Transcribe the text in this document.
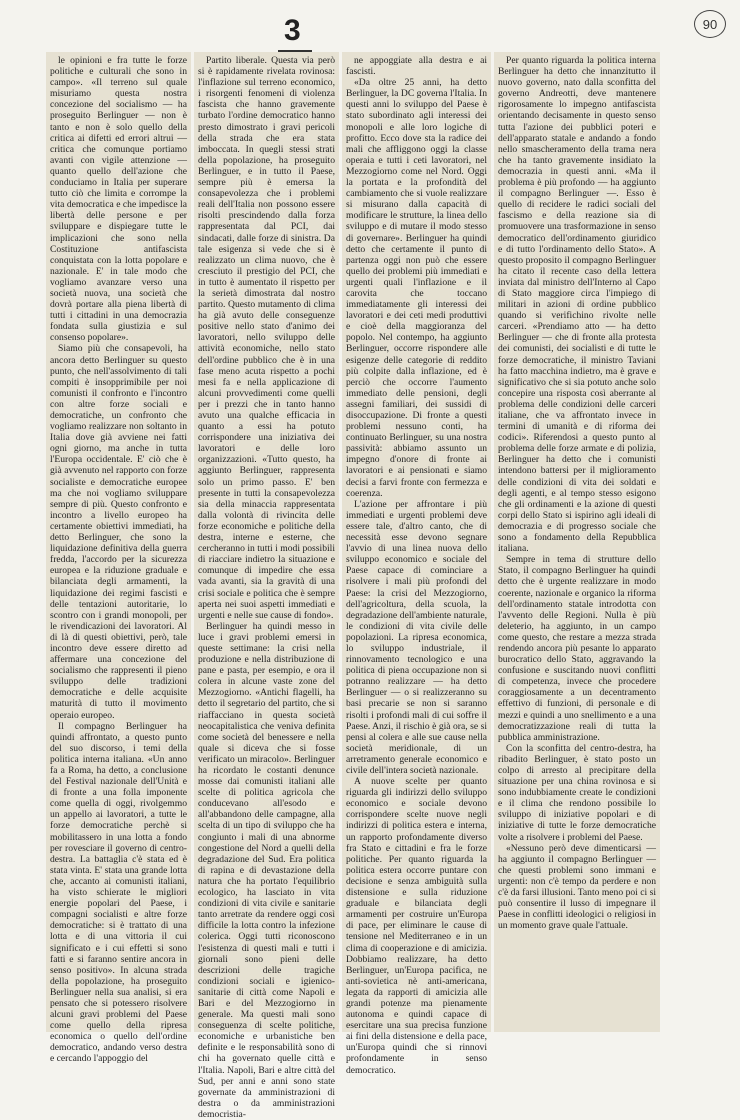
3	90

le opinioni e fra tutte le forze politiche e culturali che sono in campo». «Il terreno sul quale misuriamo questa nostra concezione del socialismo — ha proseguito Berlinguer — non è tanto e non è solo quello della critica ai difetti ed errori altrui — critica che comunque portiamo avanti con vigile attenzione — quanto quello dell'azione che conduciamo in Italia per superare tutto ciò che limita e corrompe la vita democratica e che impedisce la libertà delle persone e per sviluppare e dispiegare tutte le implicazioni che sono nella Costituzione antifascista conquistata con la lotta popolare e nazionale. E' in tale modo che vogliamo avanzare verso una società nuova, una società che dovrà portare alla piena libertà di tutti i cittadini in una democrazia fondata sulla giustizia e sul consenso popolare».

Siamo più che consapevoli, ha ancora detto Berlinguer su questo punto, che nell'assolvimento di tali compiti è insopprimibile per noi comunisti il confronto e l'incontro con altre forze sociali e democratiche, un confronto che vogliamo realizzare non soltanto in Italia dove già avviene nei fatti ogni giorno, ma anche in tutta l'Europa occidentale. E' ciò che è già avvenuto nel rapporto con forze socialiste e democratiche europee ma che noi vogliamo sviluppare sempre di più. Questo confronto e incontro a livello europeo ha certamente obiettivi immediati, ha detto Berlinguer, che sono la liquidazione definitiva della guerra fredda, l'accordo per la sicurezza europea e la riduzione graduale e bilanciata degli armamenti, la liquidazione dei regimi fascisti e delle tentazioni autoritarie, lo scontro con i grandi monopoli, per le rivendicazioni dei lavoratori. Al di là di questi obiettivi, però, tale incontro deve essere diretto ad affermare una concezione del socialismo che rappresenti il pieno sviluppo delle tradizioni democratiche e delle acquisite maturità di tutto il movimento operaio europeo.

Il compagno Berlinguer ha quindi affrontato, a questo punto del suo discorso, i temi della politica interna italiana. «Un anno fa a Roma, ha detto, a conclusione del Festival nazionale dell'Unità e di fronte a una folla imponente come quella di oggi, rivolgemmo un appello ai lavoratori, a tutte le forze democratiche perchè si mobilitassero in una lotta a fondo per rovesciare il governo di centro-destra. La battaglia c'è stata ed è stata vinta. E' stata una grande lotta che, accanto ai comunisti italiani, ha visto schierate le migliori energie popolari del Paese, i compagni socialisti e altre forze democratiche: si è trattato di una lotta e di una vittoria il cui significato e i cui effetti si sono fatti e si faranno sentire ancora in senso positivo». In alcuna strada della popolazione, ha proseguito Berlinguer nella sua analisi, si era pensato che si potessero risolvere alcuni gravi problemi del Paese come quello della ripresa economica o quello dell'ordine democratico, andando verso destra e cercando l'appoggio del

Partito liberale. Questa via però si è rapidamente rivelata rovinosa: l'inflazione sul terreno economico, i risorgenti fenomeni di violenza fascista che hanno gravemente turbato l'ordine democratico hanno presto dimostrato i gravi pericoli della strada che era stata imboccata. In quegli stessi strati della popolazione, ha proseguito Berlinguer, e in tutto il Paese, sempre più è emersa la consapevolezza che i problemi reali dell'Italia non possono essere risolti prescindendo dalla forza rappresentata dal PCI, dai sindacati, dalle forze di sinistra. Da tale esigenza si vede che si è realizzato un clima nuovo, che è cresciuto il prestigio del PCI, che in tutto è aumentato il rispetto per la serietà dimostrata dal nostro partito. Questo mutamento di clima ha già avuto delle conseguenze positive nello stato d'animo dei lavoratori, nello sviluppo delle attività economiche, nello stato dell'ordine pubblico che è in una fase meno acuta rispetto a pochi mesi fa e nella applicazione di alcuni provvedimenti come quelli per i prezzi che in tanto hanno avuto una qualche efficacia in quanto a essi ha potuto corrispondere una iniziativa dei lavoratori e delle loro organizzazioni. «Tutto questo, ha aggiunto Berlinguer, rappresenta solo un primo passo. E' ben presente in tutti la consapevolezza sia della minaccia rappresentata dalla volontà di rivincita delle forze economiche e politiche della destra, interne e esterne, che cercheranno in tutti i modi possibili di riacciare indietro la situazione e comunque di impedire che essa vada avanti, sia la gravità di una crisi sociale e politica che è sempre aperta nei suoi aspetti immediati e urgenti e nelle sue cause di fondo».

Berlinguer ha quindi messo in luce i gravi problemi emersi in queste settimane: la crisi nella produzione e nella distribuzione di pane e pasta, per esempio, e ora il colera in alcune vaste zone del Mezzogiorno. «Antichi flagelli, ha detto il segretario del partito, che si riaffacciano in questa società neocapitalistica che veniva definita come società del benessere e nella quale si diceva che si fosse verificato un miracolo». Berlinguer ha ricordato le costanti denunce mosse dai comunisti italiani alle scelte di politica agricola che conducevano all'esodo e all'abbandono delle campagne, alla scelta di un tipo di sviluppo che ha congiunto i mali di una abnorme congestione del Nord a quelli della degradazione del Sud. Era politica di rapina e di devastazione della natura che ha portato l'equilibrio ecologico, ha lasciato in vita condizioni di vita civile e sanitarie tanto arretrate da rendere oggi così difficile la lotta contro la infezione colerica. Oggi tutti riconoscono l'esistenza di questi mali e tutti i giornali sono pieni delle descrizioni delle tragiche condizioni sociali e igienico-sanitarie di città come Napoli e Bari e del Mezzogiorno in generale. Ma questi mali sono conseguenza di scelte politiche, economiche e urbanistiche ben definite e le responsabilità sono di chi ha governato quelle città e l'Italia. Napoli, Bari e altre città del Sud, per anni e anni sono state governate da amministrazioni di destra o da amministrazioni democristia-

ne appoggiate alla destra e ai fascisti.

«Da oltre 25 anni, ha detto Berlinguer, la DC governa l'Italia. In questi anni lo sviluppo del Paese è stato subordinato agli interessi dei monopoli e alle loro logiche di profitto. Ecco dove sta la radice dei mali che affliggono oggi la classe operaia e tutti i ceti lavoratori, nel Mezzogiorno come nel Nord. Oggi la portata e la profondità del cambiamento che si vuole realizzare si misurano dalla capacità di modificare le strutture, la linea dello sviluppo e di mutare il modo stesso di governare». Berlinguer ha quindi detto che certamente il punto di partenza oggi non può che essere quello dei problemi più immediati e urgenti quali l'inflazione e il carovita che toccano immediatamente gli interessi dei lavoratori e dei ceti medi produttivi e cioè della maggioranza del popolo. Nel contempo, ha aggiunto Berlinguer, occorre rispondere alle esigenze delle categorie di reddito più colpite dalla inflazione, ed è perciò che occorre l'aumento immediato delle pensioni, degli assegni familiari, dei sussidi di disoccupazione. Di fronte a questi problemi nessuno conti, ha continuato Berlinguer, su una nostra passività: abbiamo assunto un impegno d'onore di fronte ai lavoratori e ai pensionati e siamo decisi a farvi fronte con fermezza e coerenza.

L'azione per affrontare i più immediati e urgenti problemi deve essere tale, d'altro canto, che di necessità esse devono segnare l'avvio di una linea nuova dello sviluppo economico e sociale del Paese capace di cominciare a risolvere i mali più profondi del Paese: la crisi del Mezzogiorno, dell'agricoltura, della scuola, la degradazione dell'ambiente naturale, le condizioni di vita civile delle popolazioni. La ripresa economica, lo sviluppo industriale, il rinnovamento tecnologico e una politica di piena occupazione non si potranno realizzare — ha detto Berlinguer — o si realizzeranno su basi precarie se non si saranno risolti i profondi mali di cui soffre il Paese. Anzi, il rischio è già ora, se si pensi al colera e alle sue cause nella società meridionale, di un arretramento generale economico e civile dell'intera società nazionale.

A nuove scelte per quanto riguarda gli indirizzi dello sviluppo economico e sociale devono corrispondere scelte nuove negli indirizzi di politica estera e interna, un rapporto profondamente diverso fra Stato e cittadini e fra le forze politiche. Per quanto riguarda la politica estera occorre puntare con decisione e senza ambiguità sulla distensione e sulla riduzione graduale e bilanciata degli armamenti per costruire un'Europa di pace, per eliminare le cause di tensione nel Mediterraneo e in un clima di cooperazione e di amicizia. Dobbiamo realizzare, ha detto Berlinguer, un'Europa pacifica, ne anti-sovietica nè anti-americana, legata da rapporti di amicizia alle grandi potenze ma pienamente autonoma e quindi capace di esercitare una sua precisa funzione ai fini della distensione e della pace, un'Europa quindi che si rinnovi profondamente in senso democratico.

Per quanto riguarda la politica interna Berlinguer ha detto che innanzitutto il nuovo governo, nato dalla sconfitta del governo Andreotti, deve mantenere rigorosamente lo impegno antifascista orientando decisamente in questo senso tutta l'azione dei pubblici poteri e dell'apparato statale e andando a fondo nello smascheramento della trama nera che ha tanto gravemente insidiato la democrazia in questi anni. «Ma il problema è più profondo — ha aggiunto il compagno Berlinguer —. Esso è quello di recidere le radici sociali del fascismo e della reazione sia di promuovere una trasformazione in senso democratico dell'ordinamento giuridico e di tutto l'ordinamento dello Stato». A questo proposito il compagno Berlinguer ha citato il recente caso della lettera inviata dal ministro dell'Interno al Capo di Stato maggiore circa l'impiego di militari in azioni di ordine pubblico quando si verifichino rivolte nelle carceri. «Prendiamo atto — ha detto Berlinguer — che di fronte alla protesta dei comunisti, dei socialisti e di tutte le forze democratiche, il ministro Taviani ha fatto macchina indietro, ma è grave e significativo che si sia potuto anche solo concepire una risposta così aberrante al problema delle condizioni delle carceri italiane, che va affrontato invece in termini di umanità e di riforma dei codici». Riferendosi a questo punto al problema delle forze armate e di polizia, Berlinguer ha detto che i comunisti intendono battersi per il miglioramento delle condizioni di vita dei soldati e degli agenti, e al tempo stesso esigono che gli ordinamenti e la azione di questi corpi dello Stato si ispirino agli ideali di democrazia e di progresso sociale che sono a fondamento della Repubblica italiana.

Sempre in tema di strutture dello Stato, il compagno Berlinguer ha quindi detto che è urgente realizzare in modo coerente, nazionale e organico la riforma dell'ordinamento statale introdotta con l'avvento delle Regioni. Nulla è più deleterio, ha aggiunto, in un campo come questo, che restare a mezza strada rendendo ancora più pesante lo apparato burocratico dello Stato, aggravando la confusione e suscitando nuovi conflitti di competenza, invece che procedere coraggiosamente a un decentramento effettivo di funzioni, di personale e di mezzi e quindi a uno snellimento e a una democratizzazione reali di tutta la pubblica amministrazione.

Con la sconfitta del centro-destra, ha ribadito Berlinguer, è stato posto un colpo di arresto al precipitare della situazione per una china rovinosa e si sono indubbiamente create le condizioni e il clima che rendono possibile lo sviluppo di iniziative popolari e di iniziative di tutte le forze democratiche volte a risolvere i problemi del Paese.

«Nessuno però deve dimenticarsi — ha aggiunto il compagno Berlinguer — che questi problemi sono immani e urgenti: non c'è tempo da perdere e non c'è da farsi illusioni. Tanto meno poi ci si può consentire il lusso di impegnare il Paese in conflitti ideologici o religiosi in un momento grave quale l'attuale.
